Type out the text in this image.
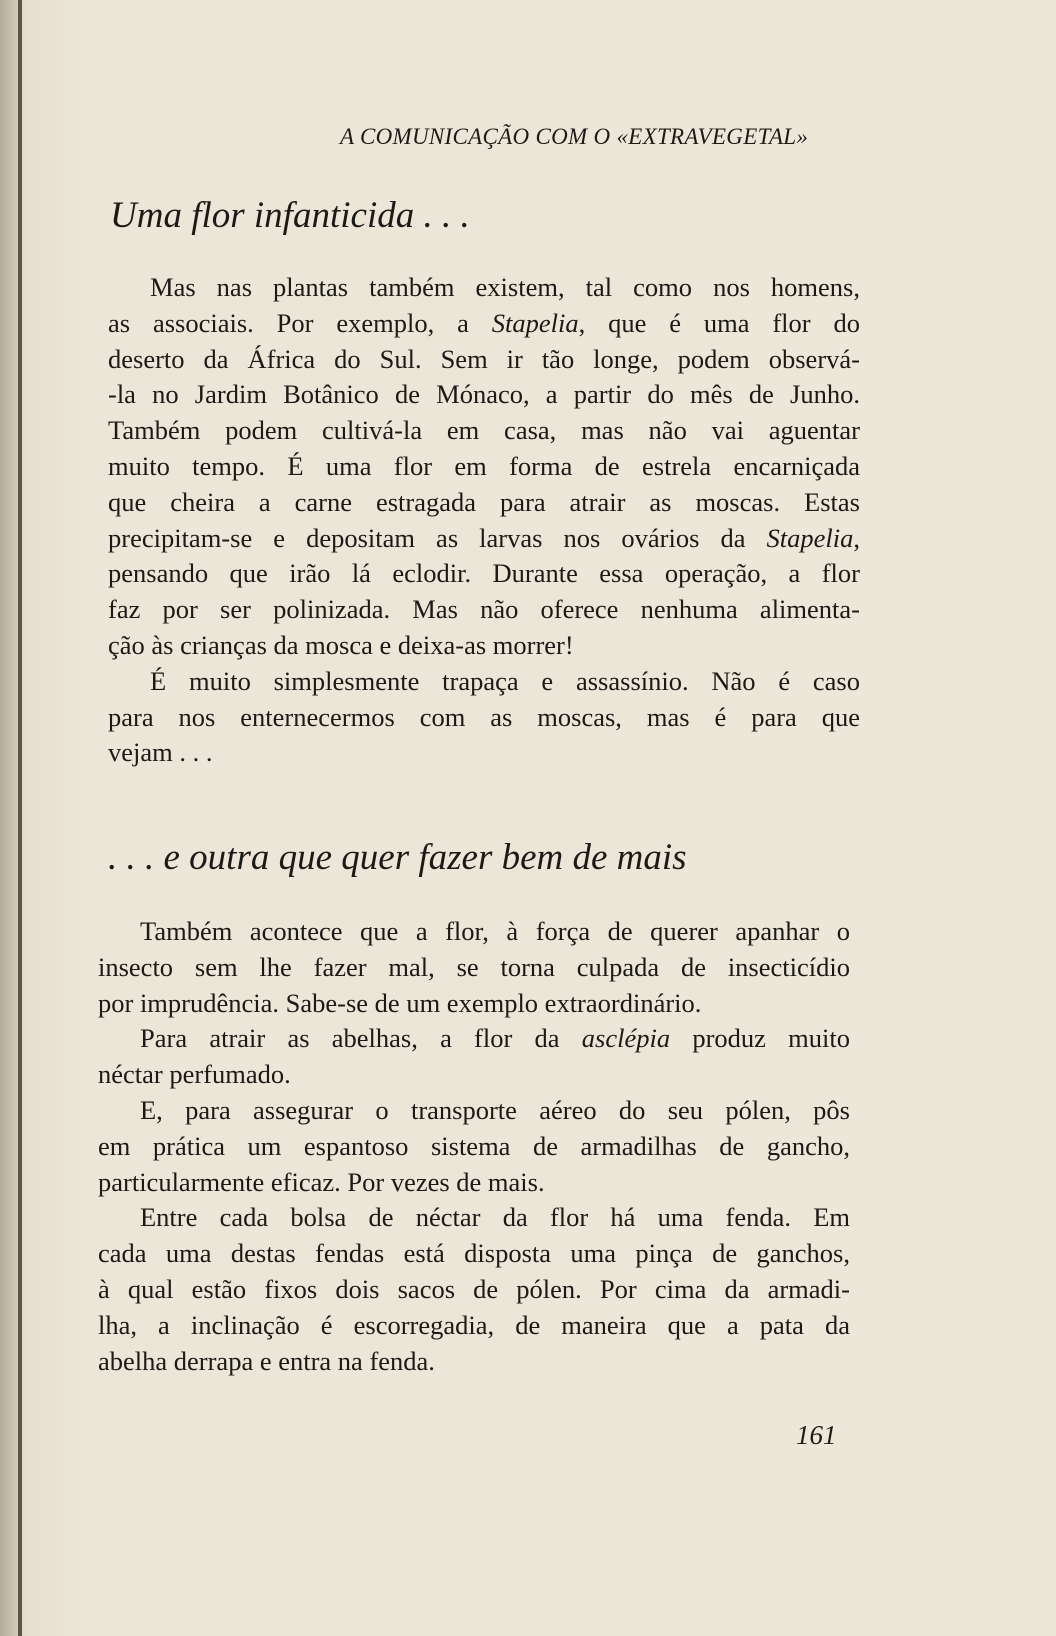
A COMUNICAÇÃO COM O «EXTRAVEGETAL»
Uma flor infanticida . . .
Mas nas plantas também existem, tal como nos homens,
as associais. Por exemplo, a Stapelia, que é uma flor do
deserto da África do Sul. Sem ir tão longe, podem observá-
-la no Jardim Botânico de Mónaco, a partir do mês de Junho.
Também podem cultivá-la em casa, mas não vai aguentar
muito tempo. É uma flor em forma de estrela encarniçada
que cheira a carne estragada para atrair as moscas. Estas
precipitam-se e depositam as larvas nos ovários da Stapelia,
pensando que irão lá eclodir. Durante essa operação, a flor
faz por ser polinizada. Mas não oferece nenhuma alimenta-
ção às crianças da mosca e deixa-as morrer!
É muito simplesmente trapaça e assassínio. Não é caso
para nos enternecermos com as moscas, mas é para que
vejam . . .
. . . e outra que quer fazer bem de mais
Também acontece que a flor, à força de querer apanhar o
insecto sem lhe fazer mal, se torna culpada de insecticídio
por imprudência. Sabe-se de um exemplo extraordinário.
Para atrair as abelhas, a flor da asclépia produz muito
néctar perfumado.
E, para assegurar o transporte aéreo do seu pólen, pôs
em prática um espantoso sistema de armadilhas de gancho,
particularmente eficaz. Por vezes de mais.
Entre cada bolsa de néctar da flor há uma fenda. Em
cada uma destas fendas está disposta uma pinça de ganchos,
à qual estão fixos dois sacos de pólen. Por cima da armadi-
lha, a inclinação é escorregadia, de maneira que a pata da
abelha derrapa e entra na fenda.
161
